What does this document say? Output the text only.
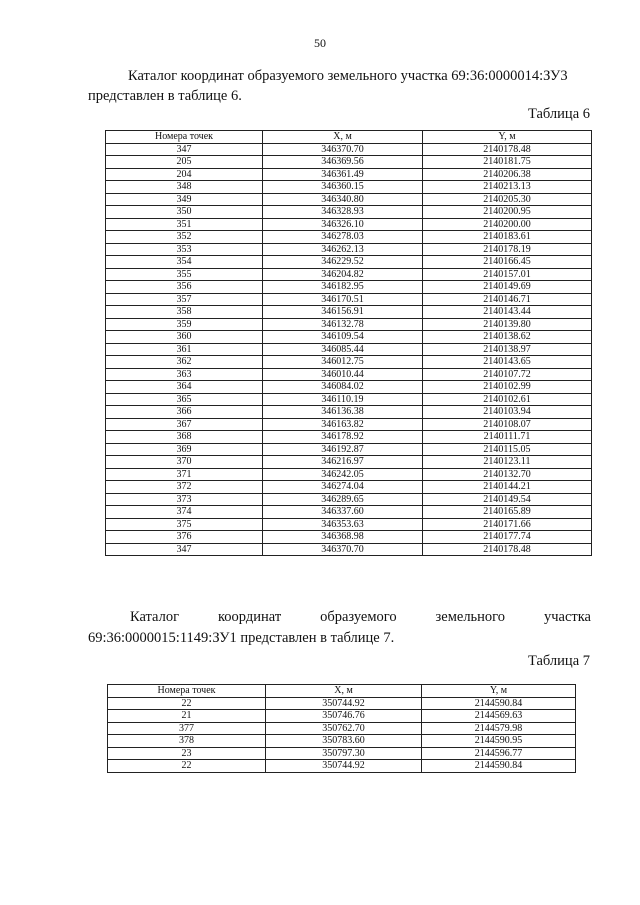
50
Каталог координат образуемого земельного участка 69:36:0000014:ЗУ3
представлен в таблице 6.
Таблица 6
Номера точек	X, м	Y, м
347	346370.70	2140178.48
205	346369.56	2140181.75
204	346361.49	2140206.38
348	346360.15	2140213.13
349	346340.80	2140205.30
350	346328.93	2140200.95
351	346326.10	2140200.00
352	346278.03	2140183.61
353	346262.13	2140178.19
354	346229.52	2140166.45
355	346204.82	2140157.01
356	346182.95	2140149.69
357	346170.51	2140146.71
358	346156.91	2140143.44
359	346132.78	2140139.80
360	346109.54	2140138.62
361	346085.44	2140138.97
362	346012.75	2140143.65
363	346010.44	2140107.72
364	346084.02	2140102.99
365	346110.19	2140102.61
366	346136.38	2140103.94
367	346163.82	2140108.07
368	346178.92	2140111.71
369	346192.87	2140115.05
370	346216.97	2140123.11
371	346242.05	2140132.70
372	346274.04	2140144.21
373	346289.65	2140149.54
374	346337.60	2140165.89
375	346353.63	2140171.66
376	346368.98	2140177.74
347	346370.70	2140178.48
Каталог	координат	образуемого	земельного	участка
69:36:0000015:1149:ЗУ1 представлен в таблице 7.
Таблица 7
Номера точек	X, м	Y, м
22	350744.92	2144590.84
21	350746.76	2144569.63
377	350762.70	2144579.98
378	350783.60	2144590.95
23	350797.30	2144596.77
22	350744.92	2144590.84
